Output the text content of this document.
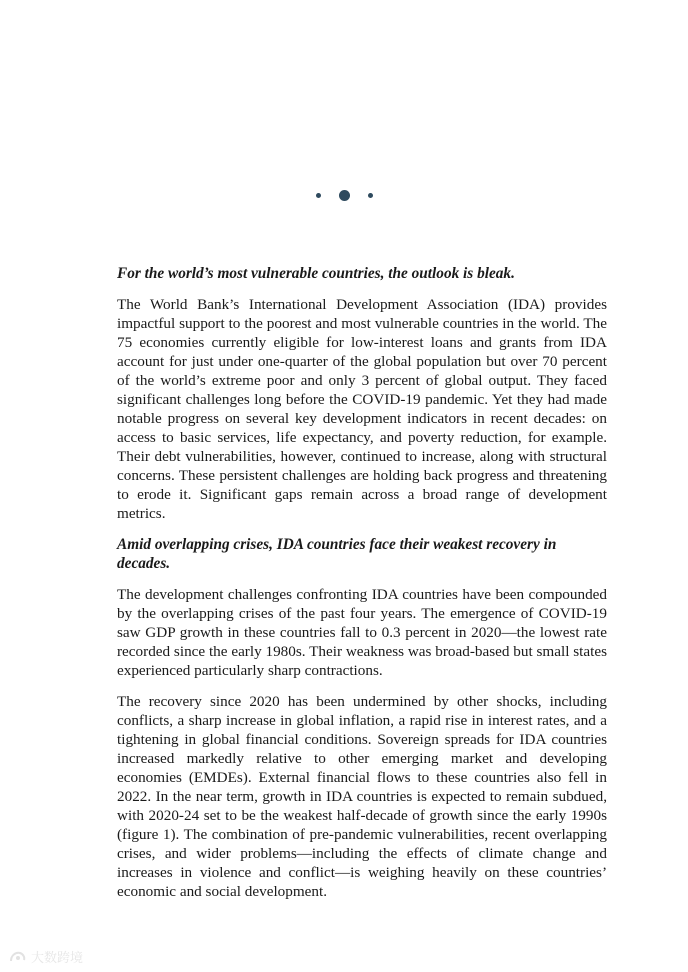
For the world’s most vulnerable countries, the outlook is bleak.

The World Bank’s International Development Association (IDA) provides impactful support to the poorest and most vulnerable countries in the world. The 75 economies currently eligible for low-interest loans and grants from IDA account for just under one-quarter of the global population but over 70 percent of the world’s extreme poor and only 3 percent of global output. They faced significant challenges long before the COVID-19 pandemic. Yet they had made notable progress on several key development indicators in recent decades: on access to basic services, life expectancy, and poverty reduction, for example. Their debt vulnerabilities, however, continued to increase, along with structural concerns. These persistent challenges are holding back progress and threatening to erode it. Significant gaps remain across a broad range of development metrics.

Amid overlapping crises, IDA countries face their weakest recovery in decades.

The development challenges confronting IDA countries have been compounded by the overlapping crises of the past four years. The emergence of COVID-19 saw GDP growth in these countries fall to 0.3 percent in 2020—the lowest rate recorded since the early 1980s. Their weakness was broad-based but small states experienced particularly sharp contractions.

The recovery since 2020 has been undermined by other shocks, including conflicts, a sharp increase in global inflation, a rapid rise in interest rates, and a tightening in global financial conditions. Sovereign spreads for IDA countries increased markedly relative to other emerging market and developing economies (EMDEs). External financial flows to these countries also fell in 2022. In the near term, growth in IDA countries is expected to remain subdued, with 2020-24 set to be the weakest half-decade of growth since the early 1990s (figure 1). The combination of pre-pandemic vulnerabilities, recent overlapping crises, and wider problems—including the effects of climate change and increases in violence and conflict—is weighing heavily on these countries’ economic and social development.

大数跨境
